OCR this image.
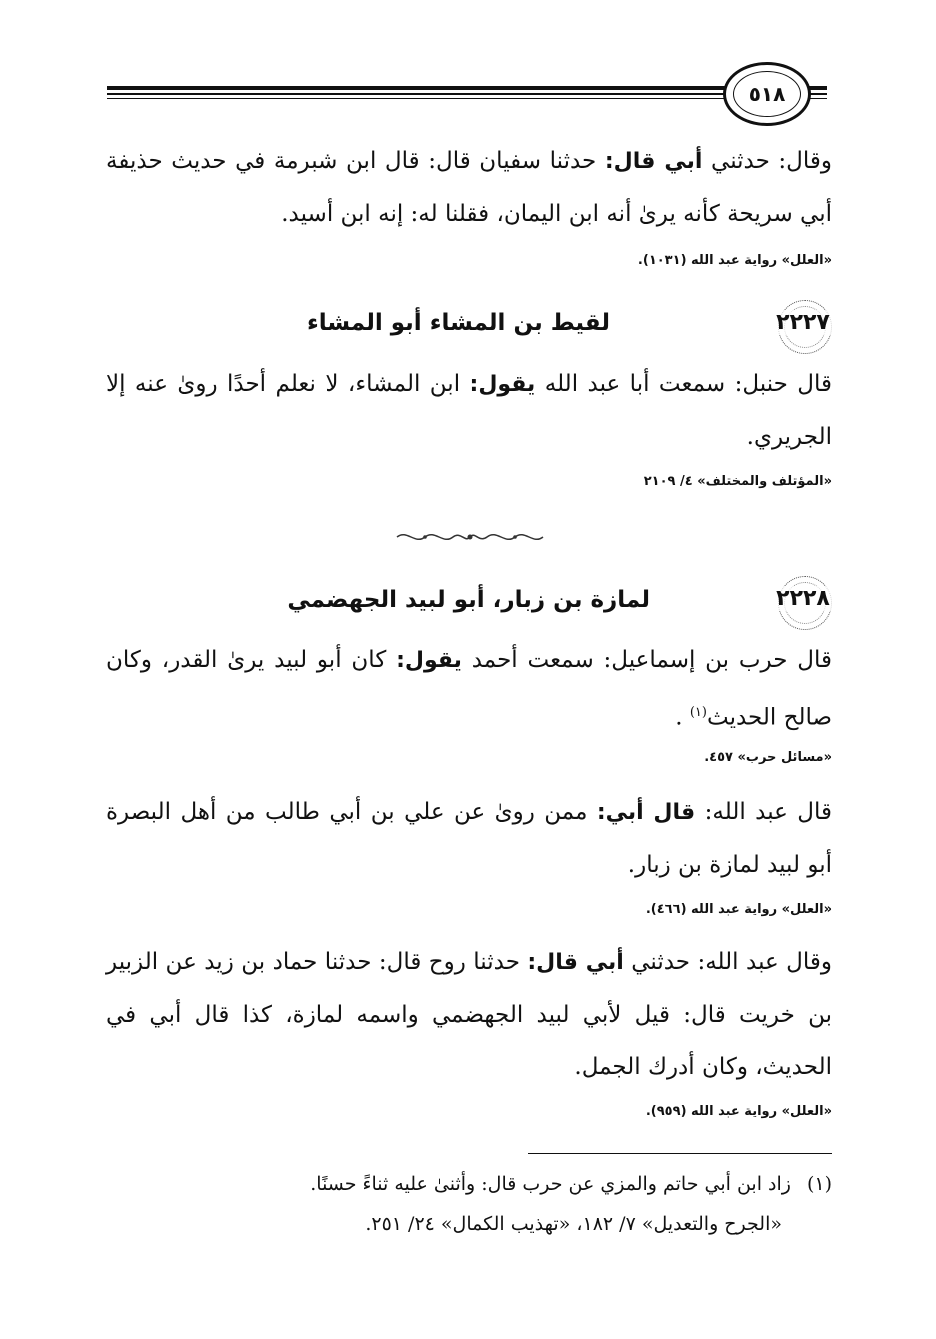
٥١٨
وقال: حدثني أبي قال: حدثنا سفيان قال: قال ابن شبرمة في حديث حذيفة أبي سريحة كأنه يرىٰ أنه ابن اليمان، فقلنا له: إنه ابن أسيد.
«العلل» رواية عبد الله (١٠٣١).
٢٢٢٧
لقيط بن المشاء أبو المشاء
قال حنبل: سمعت أبا عبد الله يقول: ابن المشاء، لا نعلم أحدًا روىٰ عنه إلا الجريري.
«المؤتلف والمختلف» ٤/ ٢١٠٩
٢٢٢٨
لمازة بن زبار، أبو لبيد الجهضمي
قال حرب بن إسماعيل: سمعت أحمد يقول: كان أبو لبيد يرىٰ القدر، وكان صالح الحديث$^{(١)}$ .
«مسائل حرب» ٤٥٧.
قال عبد الله: قال أبي: ممن روىٰ عن علي بن أبي طالب من أهل البصرة أبو لبيد لمازة بن زبار.
«العلل» رواية عبد الله (٤٦٦).
وقال عبد الله: حدثني أبي قال: حدثنا روح قال: حدثنا حماد بن زيد عن الزبير بن خريت قال: قيل لأبي لبيد الجهضمي واسمه لمازة، كذا قال أبي في الحديث، وكان أدرك الجمل.
«العلل» رواية عبد الله (٩٥٩).
(١)زاد ابن أبي حاتم والمزي عن حرب قال: وأثنىٰ عليه ثناءً حسنًا.
«الجرح والتعديل» ٧/ ١٨٢، «تهذيب الكمال» ٢٤/ ٢٥١.
